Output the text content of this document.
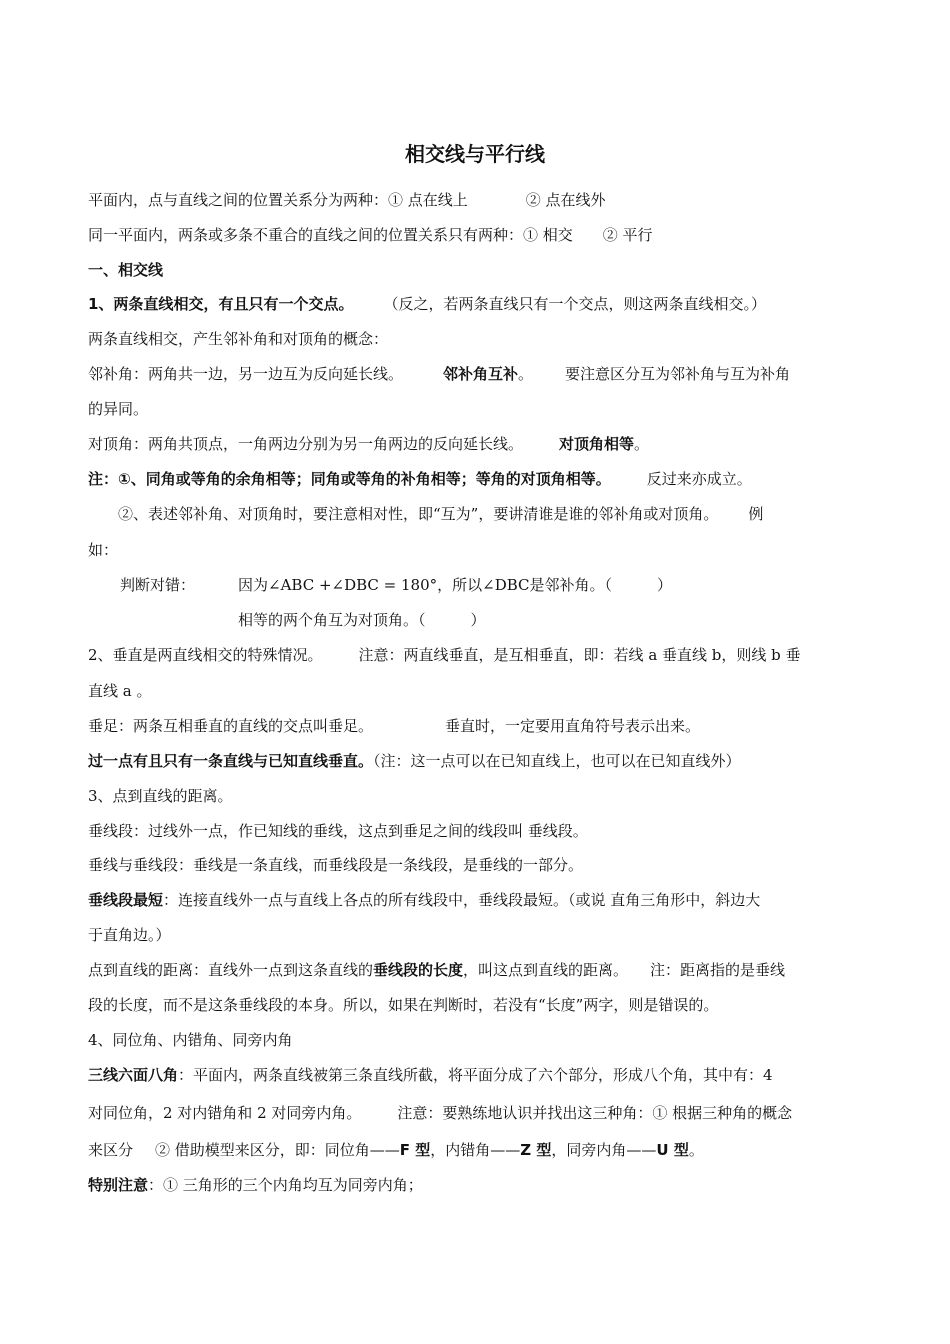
相交线与平行线
平面内，点与直线之间的位置关系分为两种：① 点在线上	② 点在线外
同一平面内，两条或多条不重合的直线之间的位置关系只有两种：① 相交 ② 平行
一、相交线
1、两条直线相交，有且只有一个交点。 （反之，若两条直线只有一个交点，则这两条直线相交。）
两条直线相交，产生邻补角和对顶角的概念：
邻补角：两角共一边，另一边互为反向延长线。	邻补角互补。 要注意区分互为邻补角与互为补角
的异同。
对顶角：两角共顶点，一角两边分别为另一角两边的反向延长线。 对顶角相等。
注：①、同角或等角的余角相等；同角或等角的补角相等；等角的对顶角相等。 反过来亦成立。
②、表述邻补角、对顶角时，要注意相对性，即“互为”，要讲清谁是谁的邻补角或对顶角。 例
如：
判断对错：	因为∠ABC +∠DBC = 180°，所以∠DBC是邻补角。（　　　）
相等的两个角互为对顶角。（　　　）
2、垂直是两直线相交的特殊情况。 注意：两直线垂直，是互相垂直，即：若线 a 垂直线 b，则线 b 垂
直线 a 。
垂足：两条互相垂直的直线的交点叫垂足。	垂直时，一定要用直角符号表示出来。
过一点有且只有一条直线与已知直线垂直。（注：这一点可以在已知直线上，也可以在已知直线外）
3、点到直线的距离。
垂线段：过线外一点，作已知线的垂线，这点到垂足之间的线段叫 垂线段。
垂线与垂线段：垂线是一条直线，而垂线段是一条线段，是垂线的一部分。
垂线段最短：连接直线外一点与直线上各点的所有线段中，垂线段最短。（或说 直角三角形中，斜边大
于直角边。）
点到直线的距离：直线外一点到这条直线的垂线段的长度，叫这点到直线的距离。 注：距离指的是垂线
段的长度，而不是这条垂线段的本身。所以，如果在判断时，若没有“长度”两字，则是错误的。
4、同位角、内错角、同旁内角
三线六面八角：平面内，两条直线被第三条直线所截，将平面分成了六个部分，形成八个角，其中有：4
对同位角，2 对内错角和 2 对同旁内角。 注意：要熟练地认识并找出这三种角：① 根据三种角的概念
来区分 ② 借助模型来区分，即：同位角——F 型，内错角——Z 型，同旁内角——U 型。
特别注意：① 三角形的三个内角均互为同旁内角；
